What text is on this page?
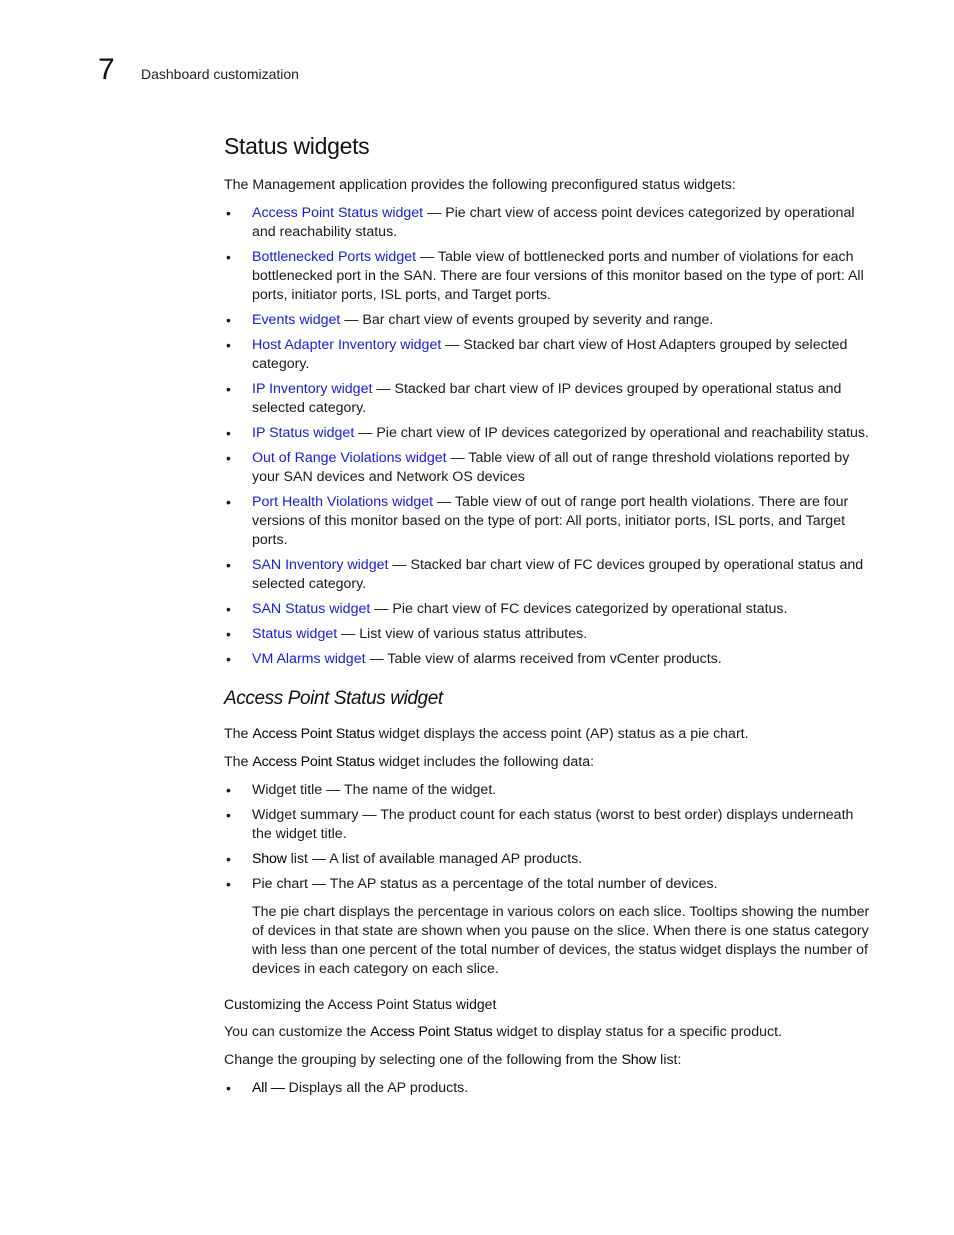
7 Dashboard customization
Status widgets

The Management application provides the following preconfigured status widgets:

• Access Point Status widget — Pie chart view of access point devices categorized by operational and reachability status.
• Bottlenecked Ports widget — Table view of bottlenecked ports and number of violations for each bottlenecked port in the SAN. There are four versions of this monitor based on the type of port: All ports, initiator ports, ISL ports, and Target ports.
• Events widget — Bar chart view of events grouped by severity and range.
• Host Adapter Inventory widget — Stacked bar chart view of Host Adapters grouped by selected category.
• IP Inventory widget — Stacked bar chart view of IP devices grouped by operational status and selected category.
• IP Status widget — Pie chart view of IP devices categorized by operational and reachability status.
• Out of Range Violations widget — Table view of all out of range threshold violations reported by your SAN devices and Network OS devices
• Port Health Violations widget — Table view of out of range port health violations. There are four versions of this monitor based on the type of port: All ports, initiator ports, ISL ports, and Target ports.
• SAN Inventory widget — Stacked bar chart view of FC devices grouped by operational status and selected category.
• SAN Status widget — Pie chart view of FC devices categorized by operational status.
• Status widget — List view of various status attributes.
• VM Alarms widget — Table view of alarms received from vCenter products.
Access Point Status widget

The Access Point Status widget displays the access point (AP) status as a pie chart.

The Access Point Status widget includes the following data:

• Widget title — The name of the widget.
• Widget summary — The product count for each status (worst to best order) displays underneath the widget title.
• Show list — A list of available managed AP products.
• Pie chart — The AP status as a percentage of the total number of devices.

The pie chart displays the percentage in various colors on each slice. Tooltips showing the number of devices in that state are shown when you pause on the slice. When there is one status category with less than one percent of the total number of devices, the status widget displays the number of devices in each category on each slice.

Customizing the Access Point Status widget

You can customize the Access Point Status widget to display status for a specific product.

Change the grouping by selecting one of the following from the Show list:

• All — Displays all the AP products.
